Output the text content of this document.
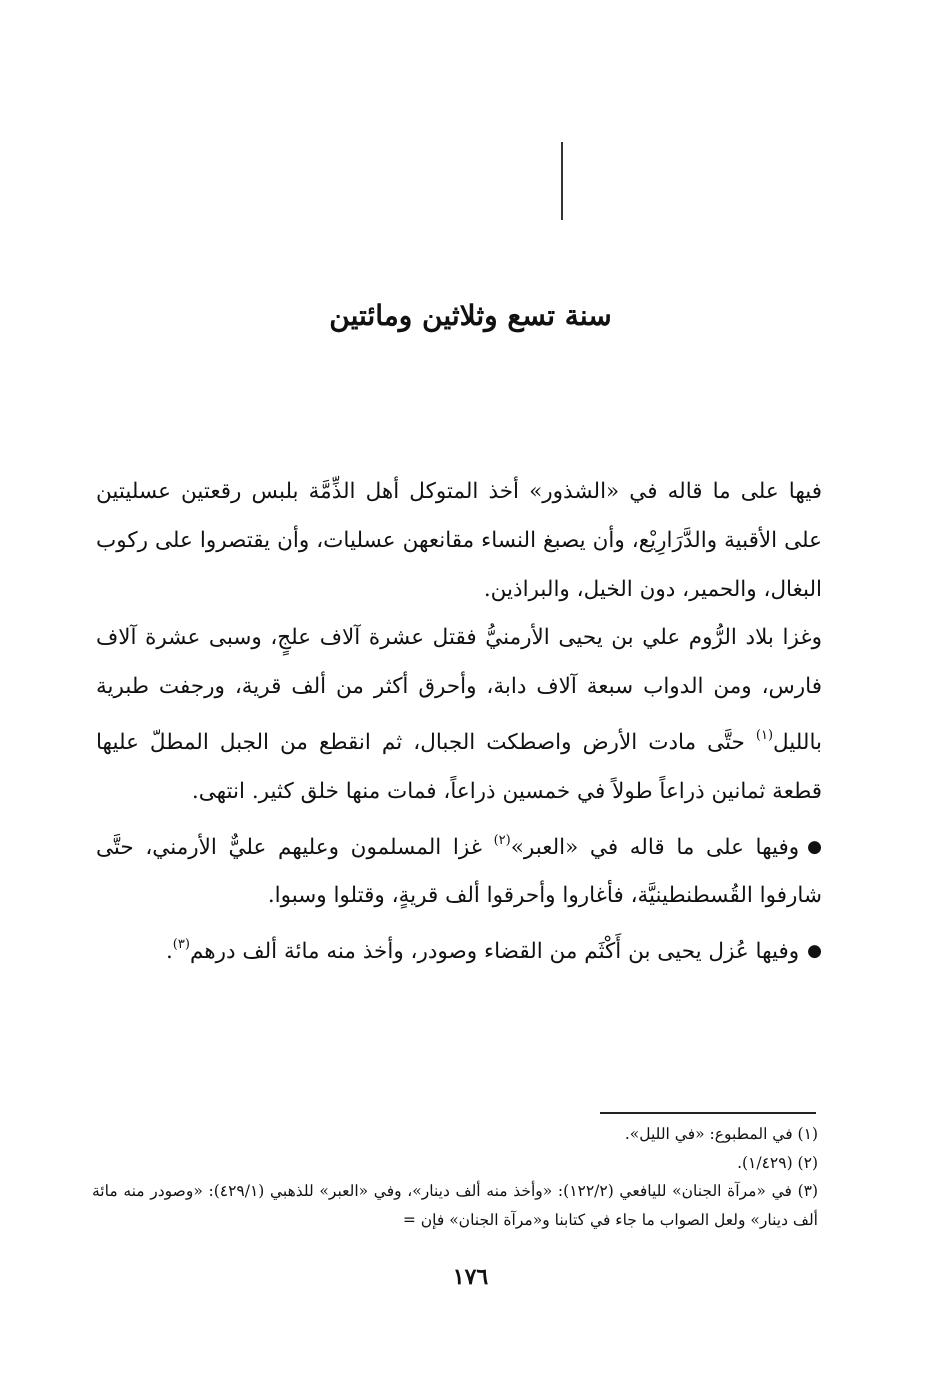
سنة تسع وثلاثين ومائتين

فيها على ما قاله في «الشذور» أخذ المتوكل أهل الذِّمَّة بلبس رقعتين عسليتين على الأقبية والدَّرَارِيْع، وأن يصبغ النساء مقانعهن عسليات، وأن يقتصروا على ركوب البغال، والحمير، دون الخيل، والبراذين.

وغزا بلاد الرُّوم علي بن يحيى الأرمنيُّ فقتل عشرة آلاف علجٍ، وسبى عشرة آلاف فارس، ومن الدواب سبعة آلاف دابة، وأحرق أكثر من ألف قرية، ورجفت طبرية بالليل$^{(١)}$ حتَّى مادت الأرض واصطكت الجبال، ثم انقطع من الجبل المطلّ عليها قطعة ثمانين ذراعاً طولاً في خمسين ذراعاً، فمات منها خلق كثير. انتهى.

●وفيها على ما قاله في «العبر»$^{(٢)}$ غزا المسلمون وعليهم عليٌّ الأرمني، حتَّى شارفوا القُسطنطينيَّة، فأغاروا وأحرقوا ألف قريةٍ، وقتلوا وسبوا.

●وفيها عُزل يحيى بن أَكْثَم من القضاء وصودر، وأخذ منه مائة ألف درهم$^{(٣)}$.

(١) في المطبوع: «في الليل».

(٢) (١/٤٢٩).

(٣) في «مرآة الجنان» لليافعي (١٢٢/٢): «وأخذ منه ألف دينار»، وفي «العبر» للذهبي (٤٢٩/١): «وصودر منه مائة ألف دينار» ولعل الصواب ما جاء في كتابنا و«مرآة الجنان» فإن =

١٧٦
